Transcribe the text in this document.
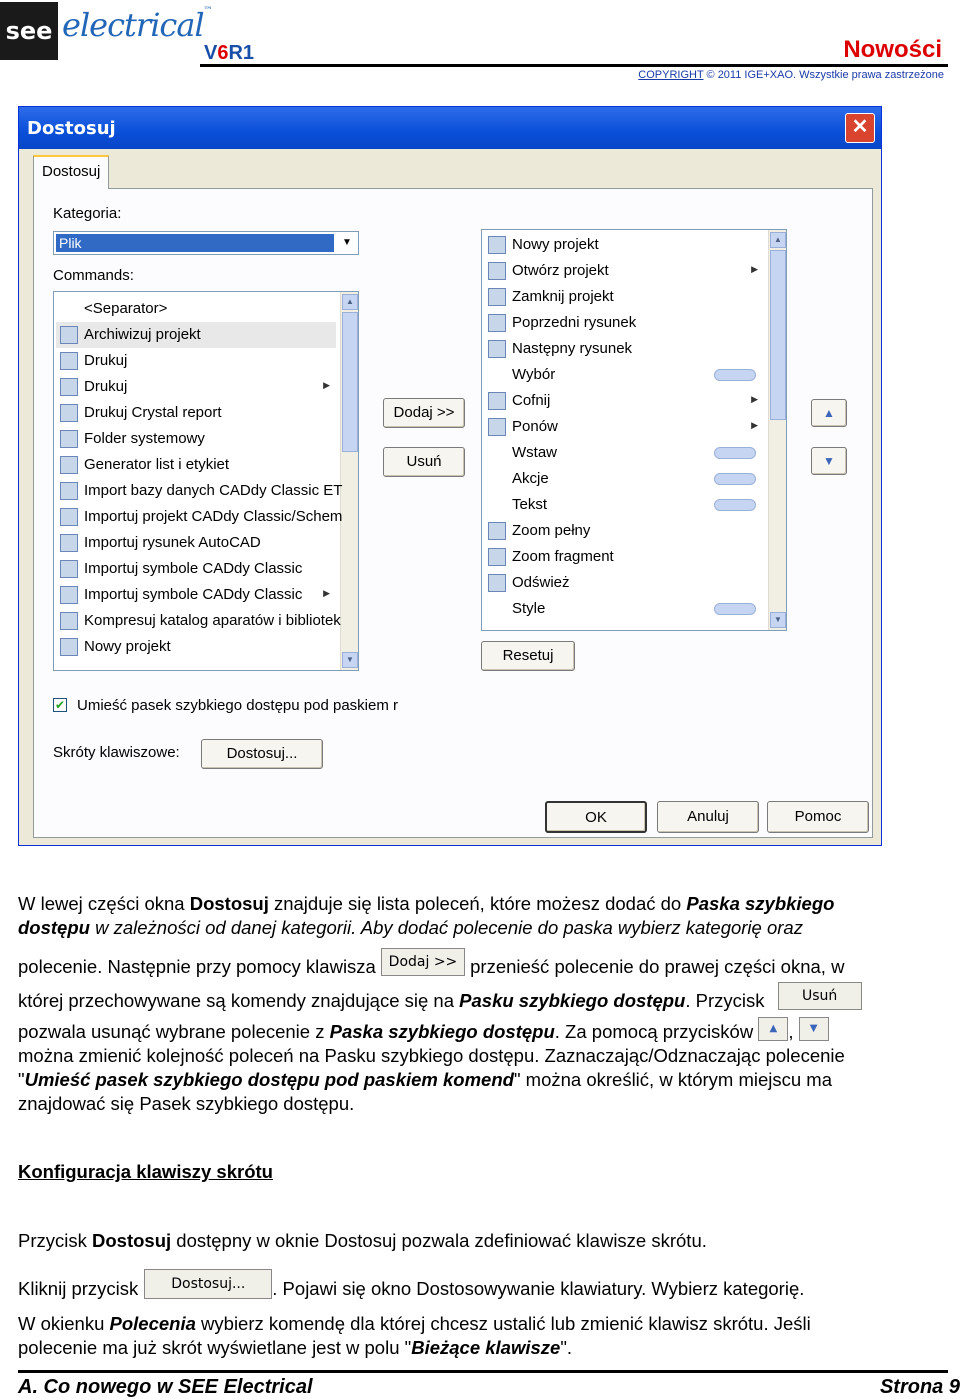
see electrical™
V6R1	Nowości
COPYRIGHT © 2011 IGE+XAO. Wszystkie prawa zastrzeżone
Dostosuj	✕
Dostosuj
Kategoria:
Plik	▼
Commands:
▲
▼
<Separator>
Archiwizuj projekt
Drukuj
Drukuj	▶
Drukuj Crystal report
Folder systemowy
Generator list i etykiet
Import bazy danych CADdy Classic ET
Importuj projekt CADdy Classic/Schem
Importuj rysunek AutoCAD
Importuj symbole CADdy Classic
Importuj symbole CADdy Classic ▶
Kompresuj katalog aparatów i bibliotek
Nowy projekt
Dodaj >>
Usuń
▲
▼
Nowy projekt
Otwórz projekt	▶
Zamknij projekt
Poprzedni rysunek
Następny rysunek
Wybór
Cofnij	▶
Ponów	▶
Wstaw
Akcje
Tekst
Zoom pełny
Zoom fragment
Odśwież
Style
▲
▼
Resetuj
✔ Umieść pasek szybkiego dostępu pod paskiem r
Skróty klawiszowe:	Dostosuj...
OK	Anuluj	Pomoc
W lewej części okna Dostosuj znajduje się lista poleceń, które możesz dodać do Paska szybkiego
dostępu w zależności od danej kategorii. Aby dodać polecenie do paska wybierz kategorię oraz
polecenie. Następnie przy pomocy klawisza Dodaj >> przenieść polecenie do prawej części okna, w
której przechowywane są komendy znajdujące się na Pasku szybkiego dostępu. Przycisk	Usuń
pozwala usunąć wybrane polecenie z Paska szybkiego dostępu. Za pomocą przycisków ▲ , ▼
można zmienić kolejność poleceń na Pasku szybkiego dostępu. Zaznaczając/Odznaczając polecenie
"Umieść pasek szybkiego dostępu pod paskiem komend" można określić, w którym miejscu ma
znajdować się Pasek szybkiego dostępu.
Konfiguracja klawiszy skrótu
Przycisk Dostosuj dostępny w oknie Dostosuj pozwala zdefiniować klawisze skrótu.
Kliknij przycisk Dostosuj... . Pojawi się okno Dostosowywanie klawiatury. Wybierz kategorię.
W okienku Polecenia wybierz komendę dla której chcesz ustalić lub zmienić klawisz skrótu. Jeśli
polecenie ma już skrót wyświetlane jest w polu "Bieżące klawisze".
A. Co nowego w SEE Electrical	Strona 9
